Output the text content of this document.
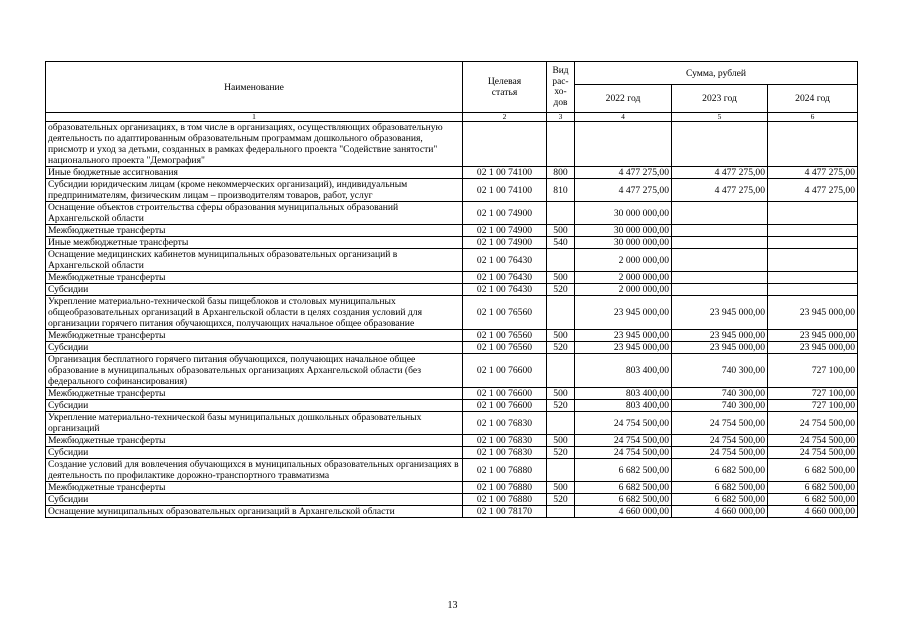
Наименование	Целевая статья	Вид рас- хо- дов	Сумма, рублей		
			2022 год	2023 год	2024 год
1	2	3	4	5	6
образовательных организациях, в том числе в организациях, осуществляющих образовательную деятельность по адаптированным образовательным программам дошкольного образования, присмотр и уход за детьми, созданных в рамках федерального проекта "Содействие занятости" национального проекта "Демография"					
Иные бюджетные ассигнования	02 1 00 74100	800	4 477 275,00	4 477 275,00	4 477 275,00
Субсидии юридическим лицам (кроме некоммерческих организаций), индивидуальным предпринимателям, физическим лицам – производителям товаров, работ, услуг	02 1 00 74100	810	4 477 275,00	4 477 275,00	4 477 275,00
Оснащение объектов строительства сферы образования муниципальных образований Архангельской области	02 1 00 74900		30 000 000,00		
Межбюджетные трансферты	02 1 00 74900	500	30 000 000,00		
Иные межбюджетные трансферты	02 1 00 74900	540	30 000 000,00		
Оснащение медицинских кабинетов муниципальных образовательных организаций в Архангельской области	02 1 00 76430		2 000 000,00		
Межбюджетные трансферты	02 1 00 76430	500	2 000 000,00		
Субсидии	02 1 00 76430	520	2 000 000,00		
Укрепление материально-технической базы пищеблоков и столовых муниципальных общеобразовательных организаций в Архангельской области в целях создания условий для организации горячего питания обучающихся, получающих начальное общее образование	02 1 00 76560		23 945 000,00	23 945 000,00	23 945 000,00
Межбюджетные трансферты	02 1 00 76560	500	23 945 000,00	23 945 000,00	23 945 000,00
Субсидии	02 1 00 76560	520	23 945 000,00	23 945 000,00	23 945 000,00
Организация бесплатного горячего питания обучающихся, получающих начальное общее образование в муниципальных образовательных организациях Архангельской области (без федерального софинансирования)	02 1 00 76600		803 400,00	740 300,00	727 100,00
Межбюджетные трансферты	02 1 00 76600	500	803 400,00	740 300,00	727 100,00
Субсидии	02 1 00 76600	520	803 400,00	740 300,00	727 100,00
Укрепление материально-технической базы муниципальных дошкольных образовательных организаций	02 1 00 76830		24 754 500,00	24 754 500,00	24 754 500,00
Межбюджетные трансферты	02 1 00 76830	500	24 754 500,00	24 754 500,00	24 754 500,00
Субсидии	02 1 00 76830	520	24 754 500,00	24 754 500,00	24 754 500,00
Создание условий для вовлечения обучающихся в муниципальных образовательных организациях в деятельность по профилактике дорожно-транспортного травматизма	02 1 00 76880		6 682 500,00	6 682 500,00	6 682 500,00
Межбюджетные трансферты	02 1 00 76880	500	6 682 500,00	6 682 500,00	6 682 500,00
Субсидии	02 1 00 76880	520	6 682 500,00	6 682 500,00	6 682 500,00
Оснащение муниципальных образовательных организаций в Архангельской области	02 1 00 78170		4 660 000,00	4 660 000,00	4 660 000,00
13
